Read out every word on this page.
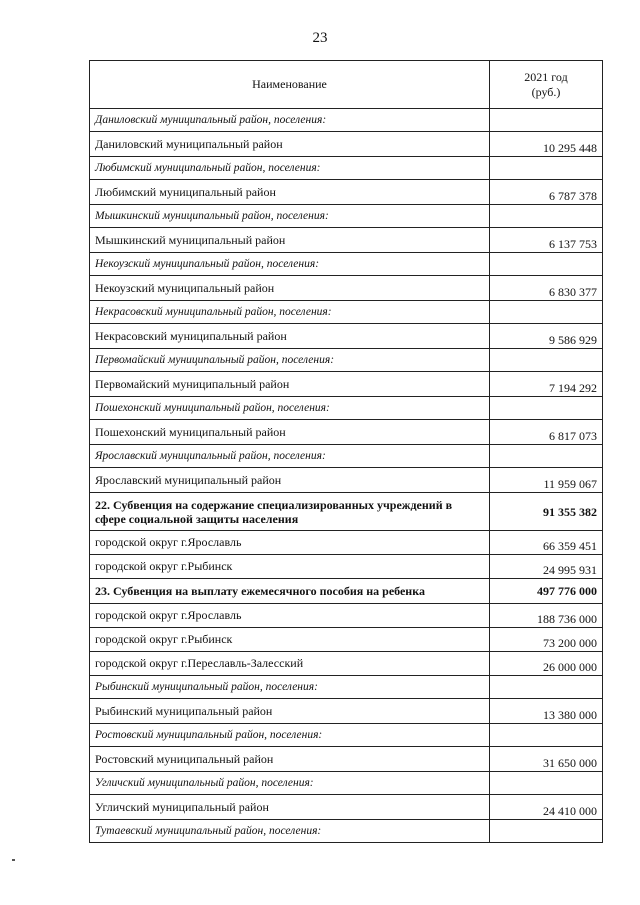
23
Наименование	2021 год
(руб.)
Даниловский муниципальный район, поселения:	
Даниловский муниципальный район	10 295 448
Любимский муниципальный район, поселения:	
Любимский муниципальный район	6 787 378
Мышкинский муниципальный район, поселения:	
Мышкинский муниципальный район	6 137 753
Некоузский муниципальный район, поселения:	
Некоузский муниципальный район	6 830 377
Некрасовский муниципальный район, поселения:	
Некрасовский муниципальный район	9 586 929
Первомайский муниципальный район, поселения:	
Первомайский муниципальный район	7 194 292
Пошехонский муниципальный район, поселения:	
Пошехонский муниципальный район	6 817 073
Ярославский муниципальный район, поселения:	
Ярославский муниципальный район	11 959 067
22. Субвенция на содержание специализированных учреждений в сфере социальной защиты населения	91 355 382
городской округ г.Ярославль	66 359 451
городской округ г.Рыбинск	24 995 931
23. Субвенция на выплату ежемесячного пособия на ребенка	497 776 000
городской округ г.Ярославль	188 736 000
городской округ г.Рыбинск	73 200 000
городской округ г.Переславль-Залесский	26 000 000
Рыбинский муниципальный район, поселения:	
Рыбинский муниципальный район	13 380 000
Ростовский муниципальный район, поселения:	
Ростовский муниципальный район	31 650 000
Угличский муниципальный район, поселения:	
Угличский муниципальный район	24 410 000
Тутаевский муниципальный район, поселения:	
